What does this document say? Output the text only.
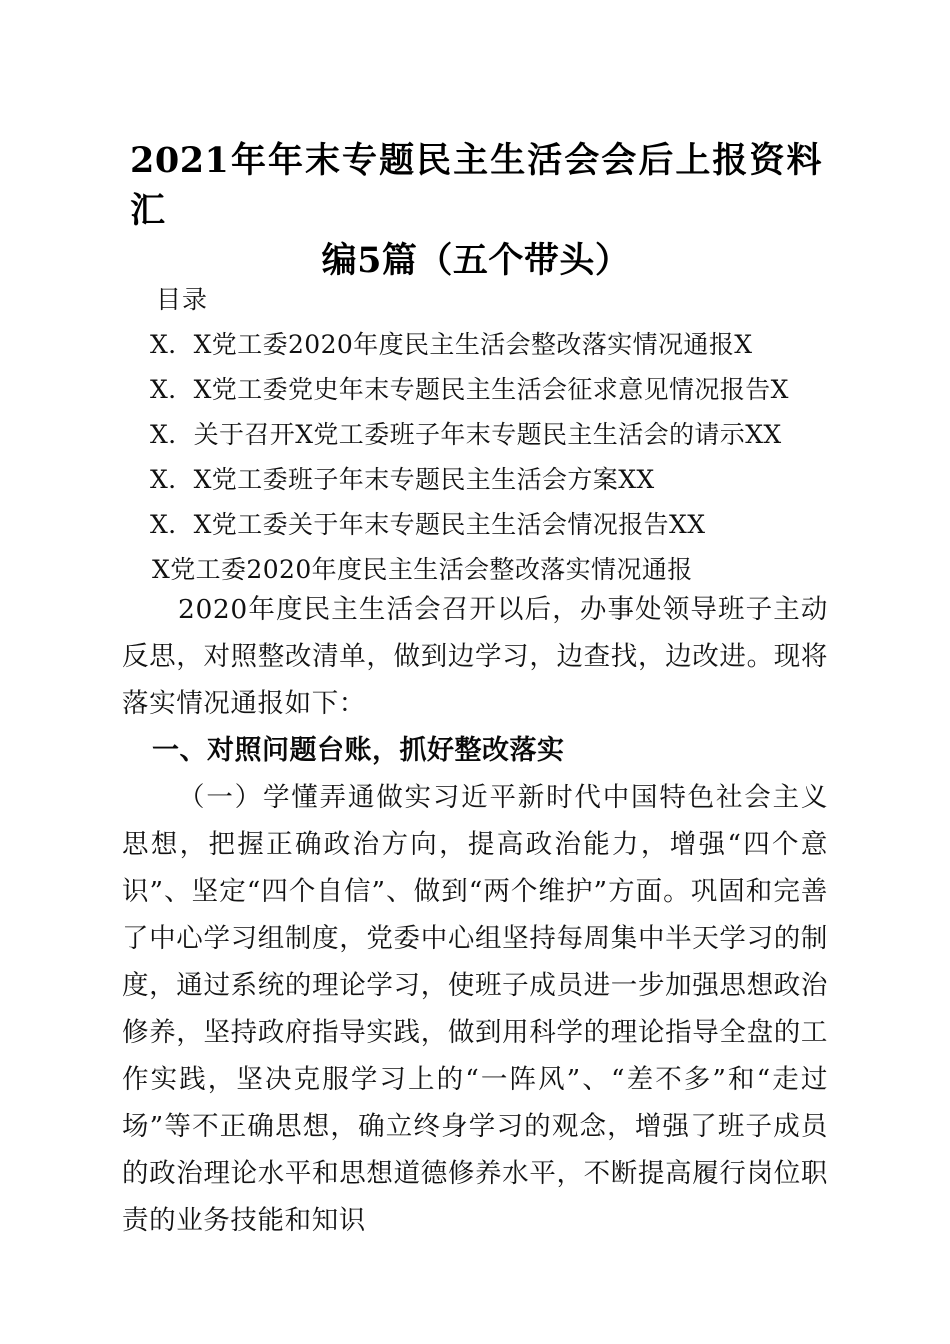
2021年年末专题民主生活会会后上报资料汇
编5篇（五个带头）
目录
X．X党工委2020年度民主生活会整改落实情况通报X
X．X党工委党史年末专题民主生活会征求意见情况报告X
X．关于召开X党工委班子年末专题民主生活会的请示XX
X．X党工委班子年末专题民主生活会方案XX
X．X党工委关于年末专题民主生活会情况报告XX
X党工委2020年度民主生活会整改落实情况通报

2020年度民主生活会召开以后，办事处领导班子主动反思，对照整改清单，做到边学习，边查找，边改进。现将落实情况通报如下：

一、对照问题台账，抓好整改落实

（一）学懂弄通做实习近平新时代中国特色社会主义思想，把握正确政治方向，提高政治能力，增强“四个意识”、坚定“四个自信”、做到“两个维护”方面。巩固和完善了中心学习组制度，党委中心组坚持每周集中半天学习的制度，通过系统的理论学习，使班子成员进一步加强思想政治修养，坚持政府指导实践，做到用科学的理论指导全盘的工作实践，坚决克服学习上的“一阵风”、“差不多”和“走过场”等不正确思想，确立终身学习的观念，增强了班子成员的政治理论水平和思想道德修养水平，不断提高履行岗位职责的业务技能和知识
